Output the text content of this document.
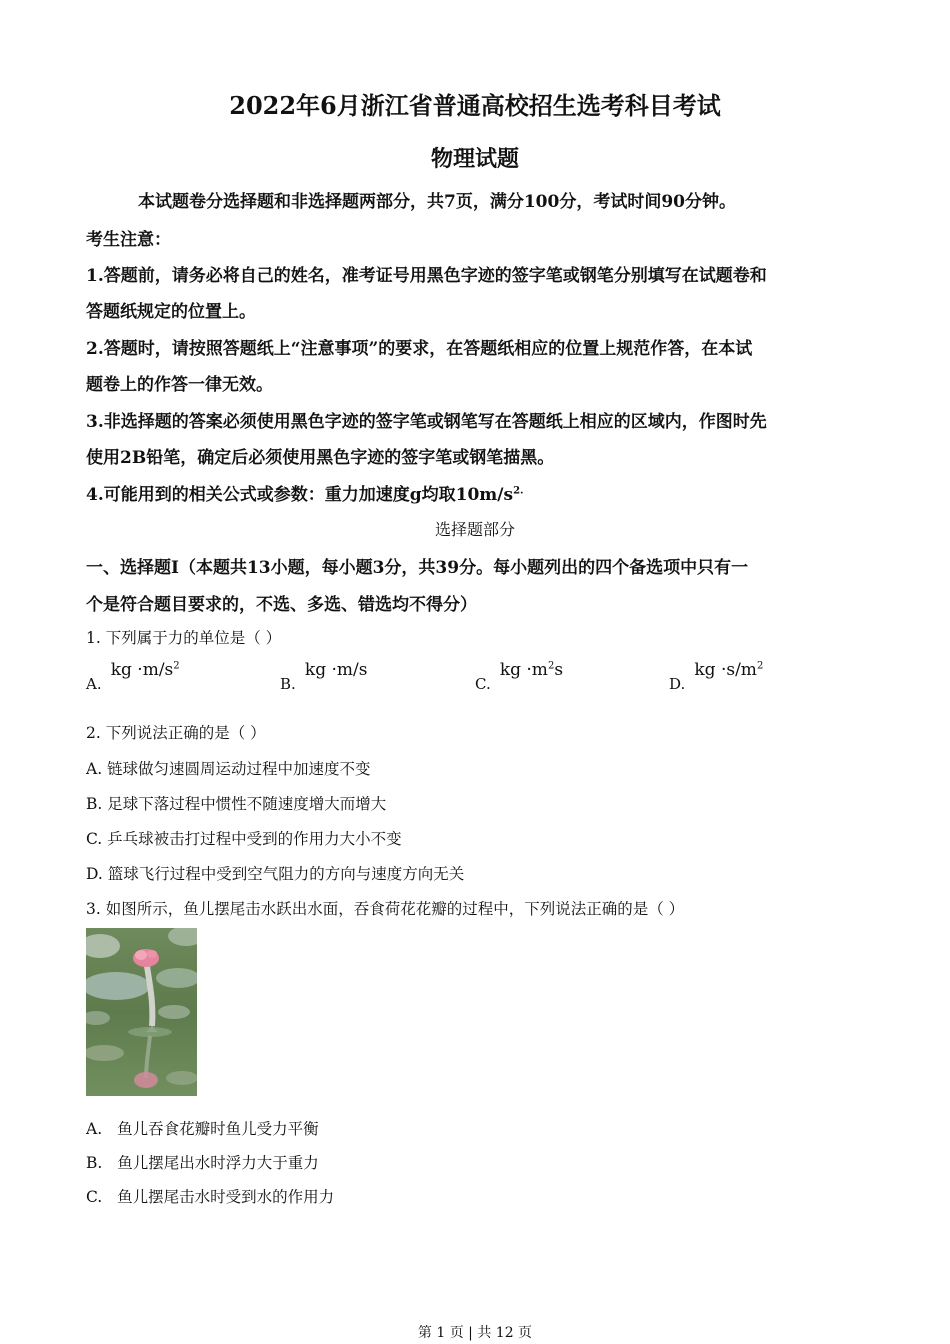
2022年6月浙江省普通高校招生选考科目考试
物理试题
本试题卷分选择题和非选择题两部分，共7页，满分100分，考试时间90分钟。
考生注意：
1.答题前，请务必将自己的姓名，准考证号用黑色字迹的签字笔或钢笔分别填写在试题卷和
答题纸规定的位置上。
2.答题时，请按照答题纸上“注意事项”的要求，在答题纸相应的位置上规范作答，在本试
题卷上的作答一律无效。
3.非选择题的答案必须使用黑色字迹的签字笔或钢笔写在答题纸上相应的区域内，作图时先
使用2B铅笔，确定后必须使用黑色字迹的签字笔或钢笔描黑。
4.可能用到的相关公式或参数：重力加速度g均取$10m/s^{2.}$
选择题部分
一、选择题Ⅰ（本题共13小题，每小题3分，共39分。每小题列出的四个备选项中只有一
个是符合题目要求的，不选、多选、错选均不得分）
1. 下列属于力的单位是（ ）
A. kg $\cdot m/s^2$
B. kg ·m/s
C. kg $\cdot m^2s$
D. kg $\cdot s/m^2$
2. 下列说法正确的是（ ）
A. 链球做匀速圆周运动过程中加速度不变
B. 足球下落过程中惯性不随速度增大而增大
C. 乒乓球被击打过程中受到的作用力大小不变
D. 篮球飞行过程中受到空气阻力的方向与速度方向无关
3. 如图所示，鱼儿摆尾击水跃出水面，吞食荷花花瓣的过程中，下列说法正确的是（ ）
A. 鱼儿吞食花瓣时鱼儿受力平衡
B. 鱼儿摆尾出水时浮力大于重力
C. 鱼儿摆尾击水时受到水的作用力
第 1 页 | 共 12 页
